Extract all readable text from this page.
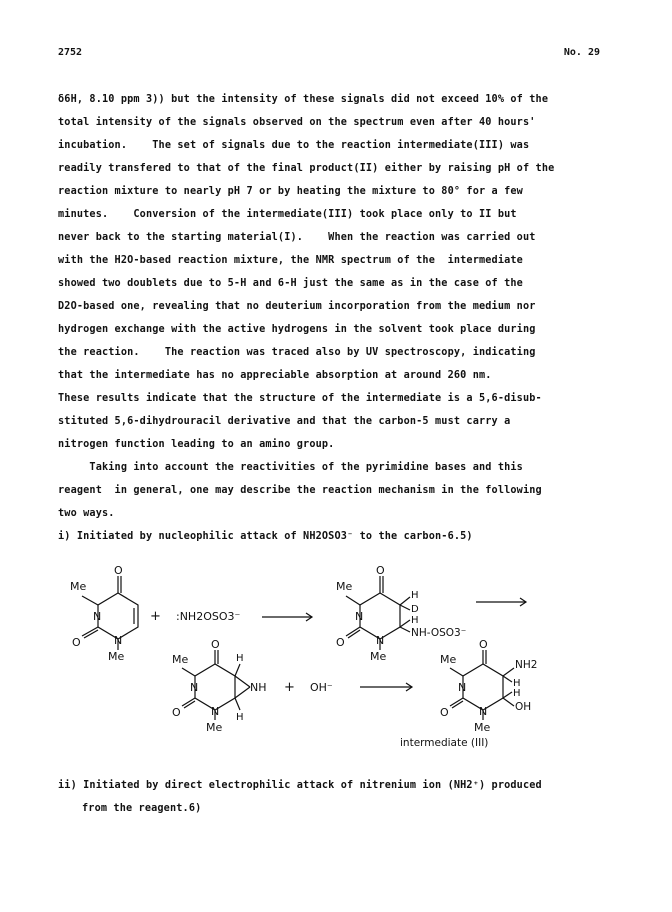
2752	No. 29
δ6H, 8.10 ppm 3)) but the intensity of these signals did not exceed 10% of the
total intensity of the signals observed on the spectrum even after 40 hours'
incubation.    The set of signals due to the reaction intermediate(III) was
readily transfered to that of the final product(II) either by raising pH of the
reaction mixture to nearly pH 7 or by heating the mixture to 80° for a few
minutes.    Conversion of the intermediate(III) took place only to II but
never back to the starting material(I).    When the reaction was carried out
with the H2O-based reaction mixture, the NMR spectrum of the  intermediate
showed two doublets due to 5-H and 6-H just the same as in the case of the
D2O-based one, revealing that no deuterium incorporation from the medium nor
hydrogen exchange with the active hydrogens in the solvent took place during
the reaction.    The reaction was traced also by UV spectroscopy, indicating
that the intermediate has no appreciable absorption at around 260 nm.
These results indicate that the structure of the intermediate is a 5,6-disub-
stituted 5,6-dihydrouracil derivative and that the carbon-5 must carry a
nitrogen function leading to an amino group.
Taking into account the reactivities of the pyrimidine bases and this
reagent  in general, one may describe the reaction mechanism in the following
two ways.
i) Initiated by nucleophilic attack of NH2OSO3⁻ to the carbon-6.5)
Me
O
N
O	N
Me
+ :NH2OSO3⁻
Me
O
N
O	N
Me
H
D
H
NH-OSO3⁻
Me
O
N
O	N
Me
H
H
NH + OH⁻
Me
O
N
O	N
Me
NH2
H
H
OH
intermediate (III)
ii) Initiated by direct electrophilic attack of nitrenium ion (NH2⁺) produced
from the reagent.6)
